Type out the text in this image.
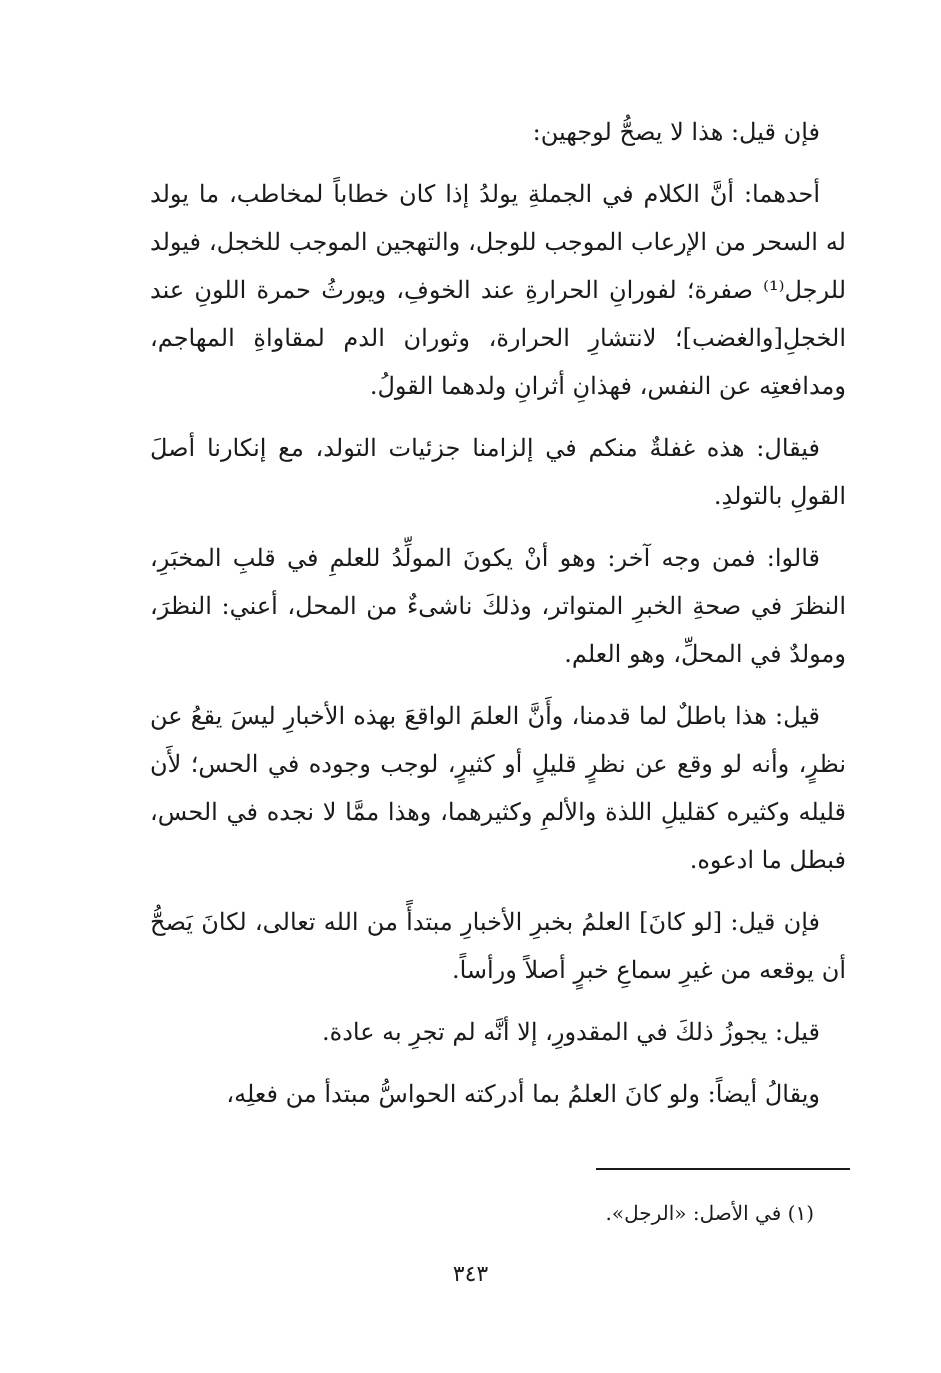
فإن قيل: هذا لا يصحُّ لوجهين:

أحدهما: أنَّ الكلام في الجملةِ يولدُ إذا كان خطاباً لمخاطب، ما يولد له السحر من الإرعاب الموجب للوجل، والتهجين الموجب للخجل، فيولد للرجل⁽¹⁾ صفرة؛ لفورانِ الحرارةِ عند الخوفِ، ويورثُ حمرة اللونِ عند الخجلِ[والغضب]؛ لانتشارِ الحرارة، وثوران الدم لمقاواةِ المهاجم، ومدافعتِه عن النفس، فهذانِ أثرانِ ولدهما القولُ.

فيقال: هذه غفلةٌ منكم في إلزامنا جزئيات التولد، مع إنكارنا أصلَ القولِ بالتولدِ.

قالوا: فمن وجه آخر: وهو أنْ يكونَ المولِّدُ للعلمِ في قلبِ المخبَرِ، النظرَ في صحةِ الخبرِ المتواتر، وذلكَ ناشىءٌ من المحل، أعني: النظرَ، ومولدٌ في المحلِّ، وهو العلم.

قيل: هذا باطلٌ لما قدمنا، وأَنَّ العلمَ الواقعَ بهذه الأخبارِ ليسَ يقعُ عن نظرٍ، وأنه لو وقع عن نظرٍ قليلٍ أو كثيرٍ، لوجب وجوده في الحس؛ لأَن قليله وكثيره كقليلِ اللذة والألمِ وكثيرهما، وهذا ممَّا لا نجده في الحس، فبطل ما ادعوه.

فإن قيل: [لو كانَ] العلمُ بخبرِ الأخبارِ مبتدأً من الله تعالى، لكانَ يَصحُّ أن يوقعه من غيرِ سماعِ خبرٍ أصلاً ورأساً.

قيل: يجوزُ ذلكَ في المقدورِ، إلا أنَّه لم تجرِ به عادة.

ويقالُ أيضاً: ولو كانَ العلمُ بما أدركته الحواسُّ مبتدأ من فعلِه،

(١) في الأصل: «الرجل».
٣٤٣
